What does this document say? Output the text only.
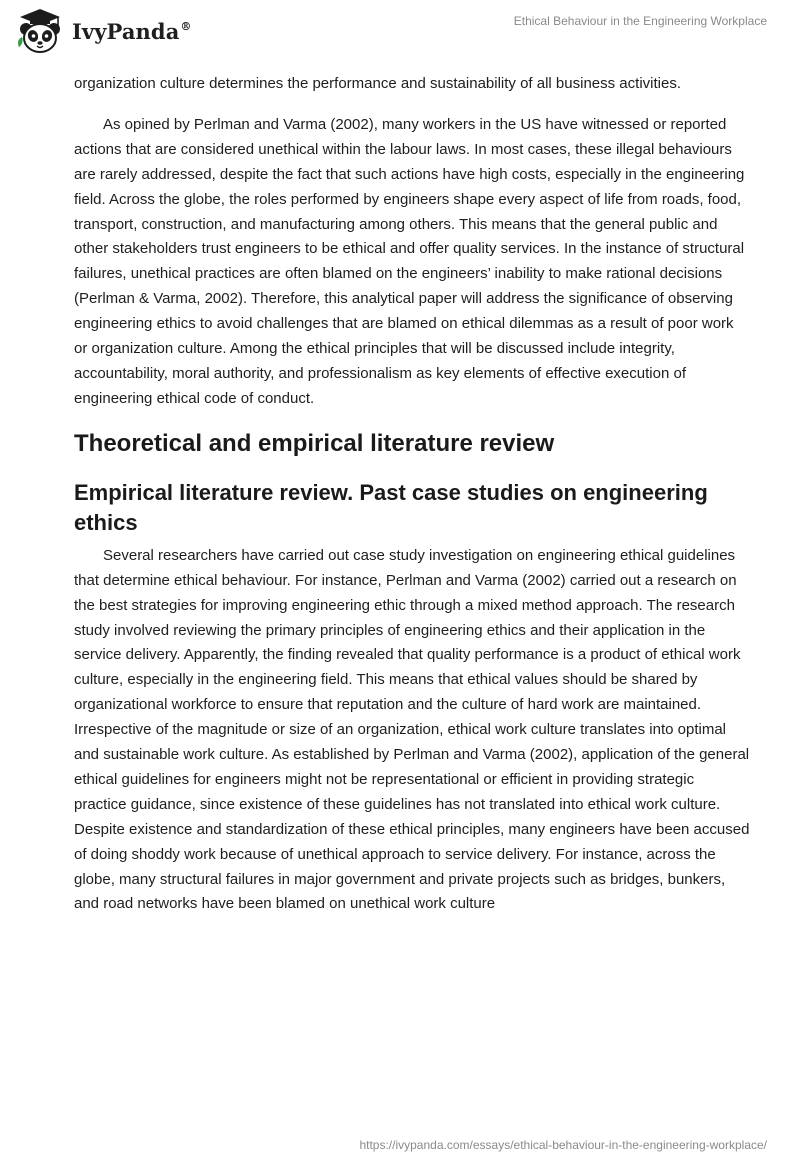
IvyPanda®	Ethical Behaviour in the Engineering Workplace

organization culture determines the performance and sustainability of all business activities.

As opined by Perlman and Varma (2002), many workers in the US have witnessed or reported actions that are considered unethical within the labour laws. In most cases, these illegal behaviours are rarely addressed, despite the fact that such actions have high costs, especially in the engineering field. Across the globe, the roles performed by engineers shape every aspect of life from roads, food, transport, construction, and manufacturing among others. This means that the general public and other stakeholders trust engineers to be ethical and offer quality services. In the instance of structural failures, unethical practices are often blamed on the engineers’ inability to make rational decisions (Perlman & Varma, 2002). Therefore, this analytical paper will address the significance of observing engineering ethics to avoid challenges that are blamed on ethical dilemmas as a result of poor work or organization culture. Among the ethical principles that will be discussed include integrity, accountability, moral authority, and professionalism as key elements of effective execution of engineering ethical code of conduct.

Theoretical and empirical literature review
Empirical literature review. Past case studies on engineering ethics

Several researchers have carried out case study investigation on engineering ethical guidelines that determine ethical behaviour. For instance, Perlman and Varma (2002) carried out a research on the best strategies for improving engineering ethic through a mixed method approach. The research study involved reviewing the primary principles of engineering ethics and their application in the service delivery. Apparently, the finding revealed that quality performance is a product of ethical work culture, especially in the engineering field. This means that ethical values should be shared by organizational workforce to ensure that reputation and the culture of hard work are maintained. Irrespective of the magnitude or size of an organization, ethical work culture translates into optimal and sustainable work culture. As established by Perlman and Varma (2002), application of the general ethical guidelines for engineers might not be representational or efficient in providing strategic practice guidance, since existence of these guidelines has not translated into ethical work culture. Despite existence and standardization of these ethical principles, many engineers have been accused of doing shoddy work because of unethical approach to service delivery. For instance, across the globe, many structural failures in major government and private projects such as bridges, bunkers, and road networks have been blamed on unethical work culture

https://ivypanda.com/essays/ethical-behaviour-in-the-engineering-workplace/
